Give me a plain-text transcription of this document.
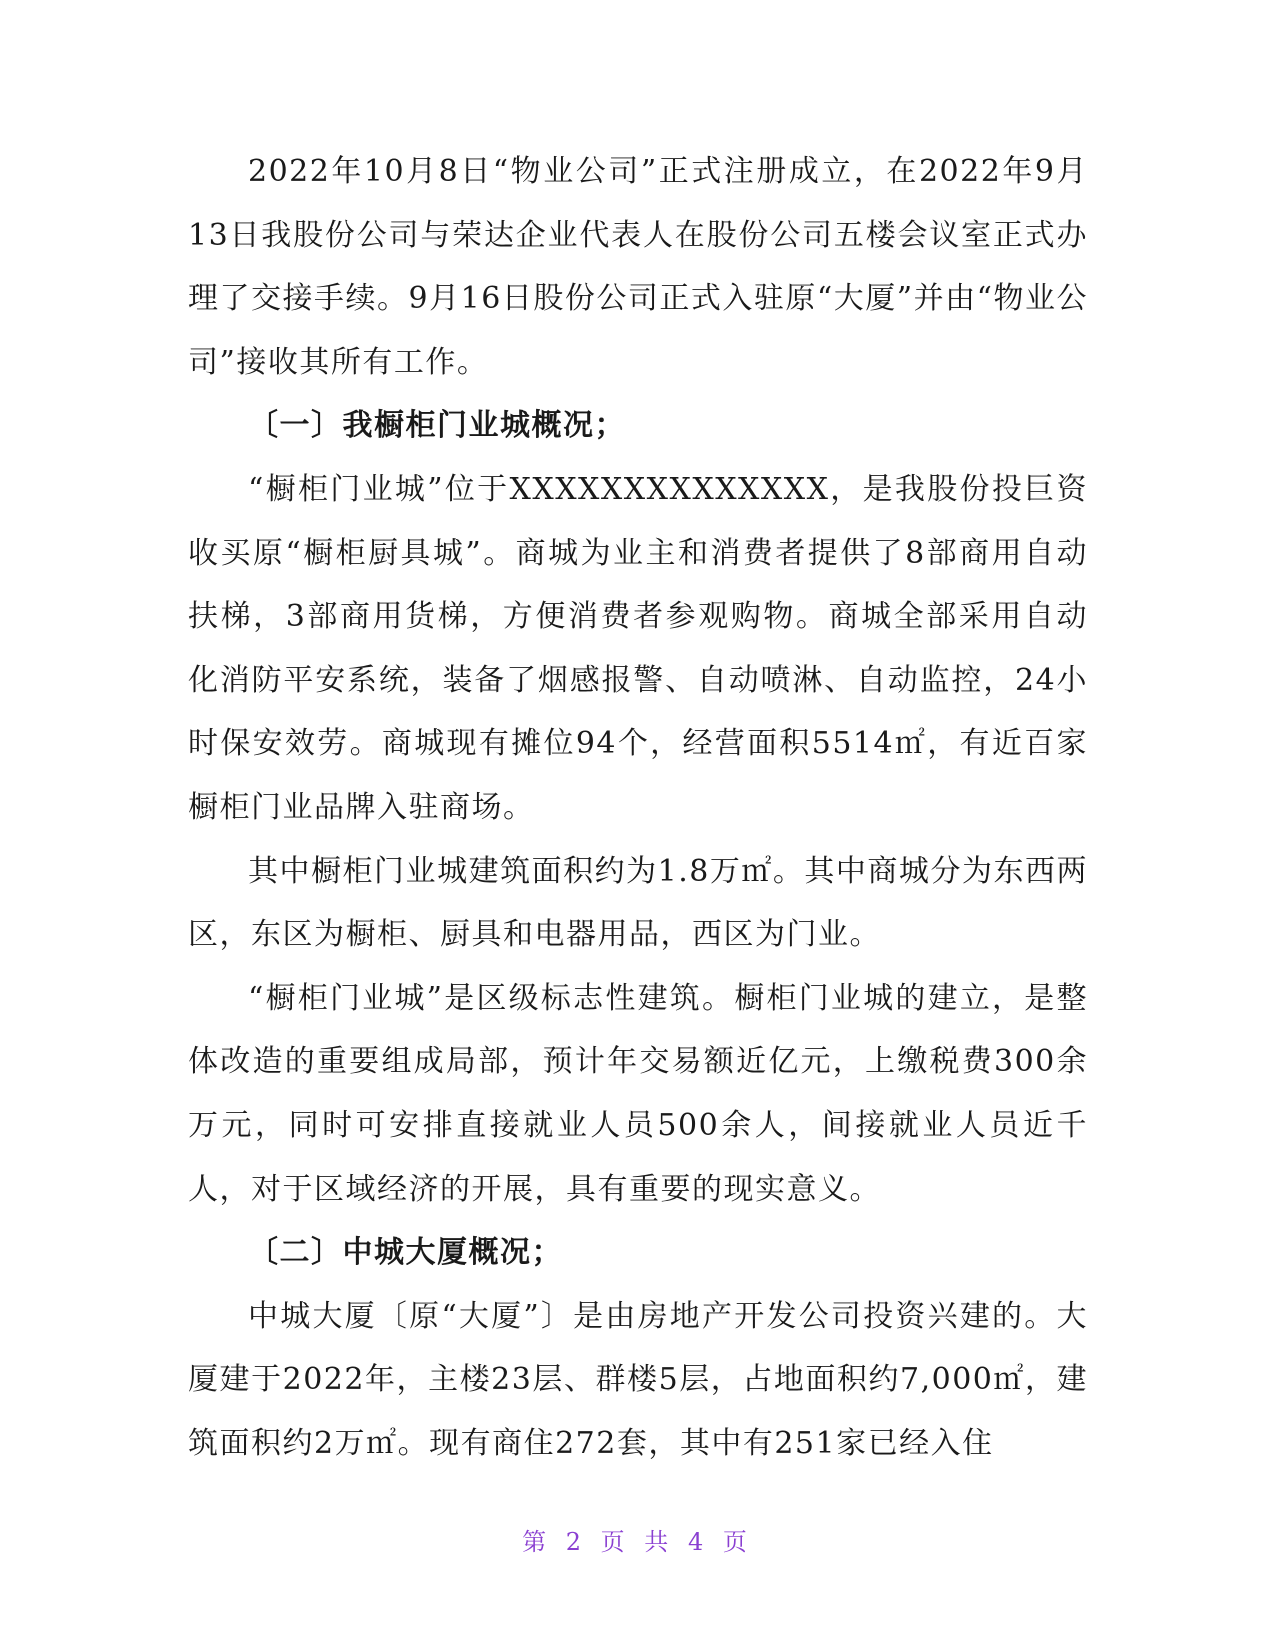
2022年10月8日“物业公司”正式注册成立，在2022年9月13日我股份公司与荣达企业代表人在股份公司五楼会议室正式办理了交接手续。9月16日股份公司正式入驻原“大厦”并由“物业公司”接收其所有工作。

〔一〕我橱柜门业城概况；

“橱柜门业城”位于XXXXXXXXXXXXXX，是我股份投巨资收买原“橱柜厨具城”。商城为业主和消费者提供了8部商用自动扶梯，3部商用货梯，方便消费者参观购物。商城全部采用自动化消防平安系统，装备了烟感报警、自动喷淋、自动监控，24小时保安效劳。商城现有摊位94个，经营面积5514㎡，有近百家橱柜门业品牌入驻商场。

其中橱柜门业城建筑面积约为1.8万㎡。其中商城分为东西两区，东区为橱柜、厨具和电器用品，西区为门业。

“橱柜门业城”是区级标志性建筑。橱柜门业城的建立，是整体改造的重要组成局部，预计年交易额近亿元，上缴税费300余万元，同时可安排直接就业人员500余人，间接就业人员近千人，对于区域经济的开展，具有重要的现实意义。

〔二〕中城大厦概况；

中城大厦〔原“大厦”〕是由房地产开发公司投资兴建的。大厦建于2022年，主楼23层、群楼5层，占地面积约7,000㎡，建筑面积约2万㎡。现有商住272套，其中有251家已经入住

第 2 页 共 4 页
